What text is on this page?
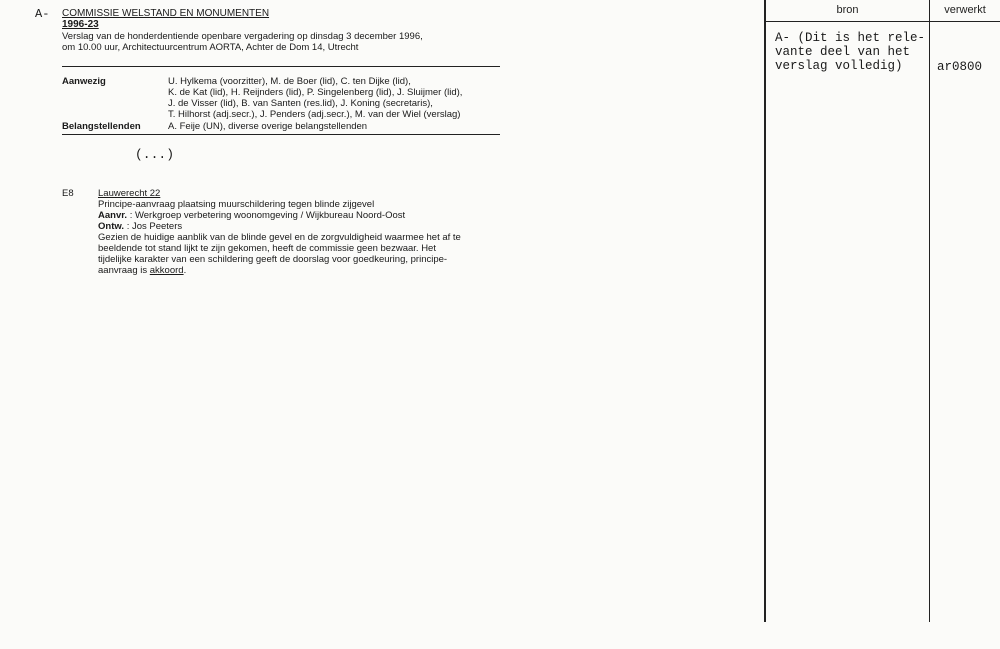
A- COMMISSIE WELSTAND EN MONUMENTEN
1996-23
Verslag van de honderdentiende openbare vergadering op dinsdag 3 december 1996,
om 10.00 uur, Architectuurcentrum AORTA, Achter de Dom 14, Utrecht
Aanwezig	U. Hylkema (voorzitter), M. de Boer (lid), C. ten Dijke (lid),
K. de Kat (lid), H. Reijnders (lid), P. Singelenberg (lid), J. Sluijmer (lid),
J. de Visser (lid), B. van Santen (res.lid), J. Koning (secretaris),
T. Hilhorst (adj.secr.), J. Penders (adj.secr.), M. van der Wiel (verslag)
Belangstellenden	A. Feije (UN), diverse overige belangstellenden
(...)
E8	Lauwerecht 22
Principe-aanvraag plaatsing muurschildering tegen blinde zijgevel
Aanvr. : Werkgroep verbetering woonomgeving / Wijkbureau Noord-Oost
Ontw. : Jos Peeters
Gezien de huidige aanblik van de blinde gevel en de zorgvuldigheid waarmee het af te
beeldende tot stand lijkt te zijn gekomen, heeft de commissie geen bezwaar. Het
tijdelijke karakter van een schildering geeft de doorslag voor goedkeuring, principe-
aanvraag is akkoord.
bron	verwerkt
A- (Dit is het rele-
vante deel van het
verslag volledig)	ar0800
